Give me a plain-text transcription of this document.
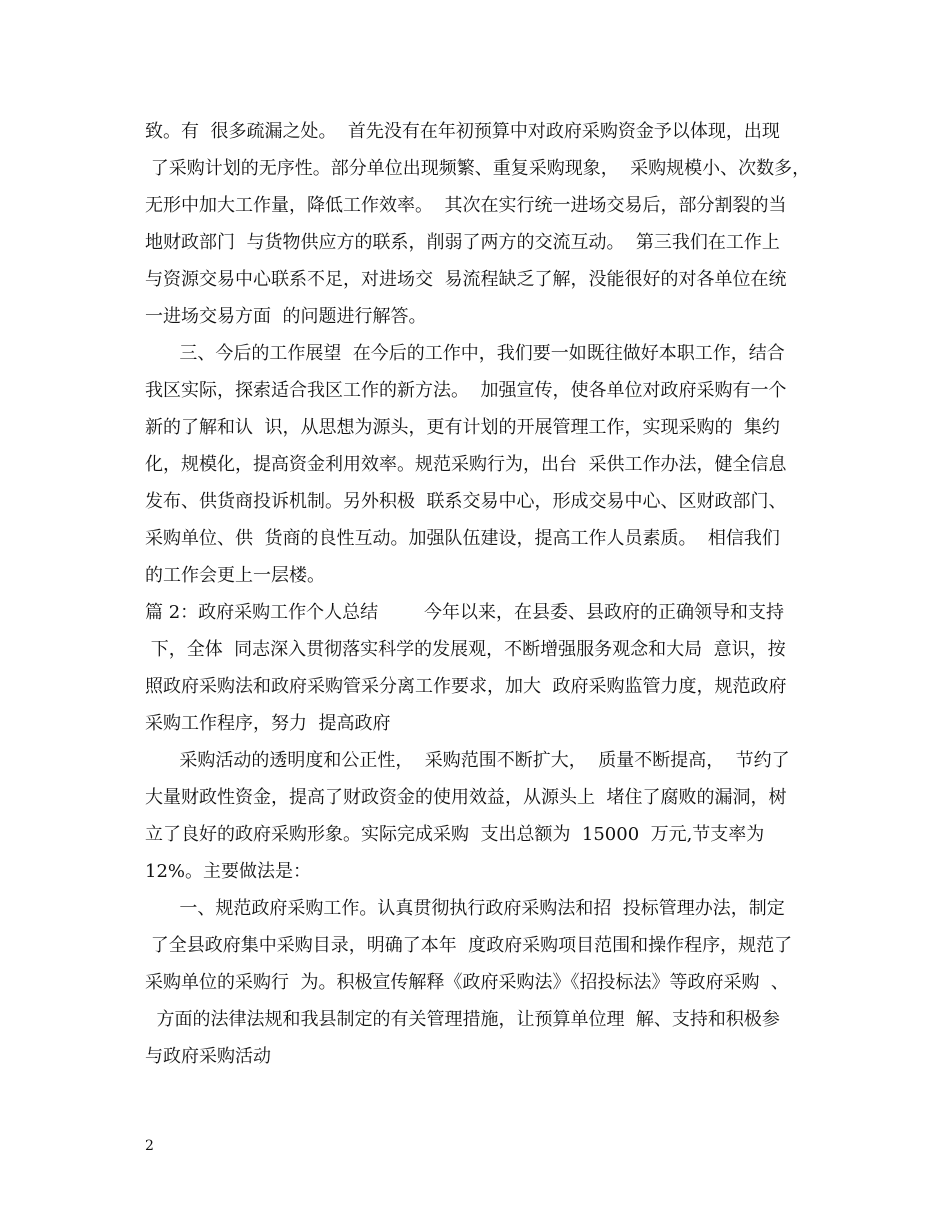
致。有  很多疏漏之处。  首先没有在年初预算中对政府采购资金予以体现，出现
了采购计划的无序性。部分单位出现频繁、重复采购现象，  采购规模小、次数多，
无形中加大工作量，降低工作效率。  其次在实行统一进场交易后，部分割裂的当
地财政部门  与货物供应方的联系，削弱了两方的交流互动。  第三我们在工作上
与资源交易中心联系不足，对进场交  易流程缺乏了解，没能很好的对各单位在统
一进场交易方面  的问题进行解答。
三、今后的工作展望  在今后的工作中，我们要一如既往做好本职工作，结合
我区实际，探索适合我区工作的新方法。  加强宣传，使各单位对政府采购有一个
新的了解和认  识，从思想为源头，更有计划的开展管理工作，实现采购的  集约
化，规模化，提高资金利用效率。规范采购行为，出台  采供工作办法，健全信息
发布、供货商投诉机制。另外积极  联系交易中心，形成交易中心、区财政部门、
采购单位、供  货商的良性互动。加强队伍建设，提高工作人员素质。  相信我们
的工作会更上一层楼。
篇 2：政府采购工作个人总结        今年以来，在县委、县政府的正确领导和支持
下，全体  同志深入贯彻落实科学的发展观，不断增强服务观念和大局  意识，按
照政府采购法和政府采购管采分离工作要求，加大  政府采购监管力度，规范政府
采购工作程序，努力  提高政府
采购活动的透明度和公正性，  采购范围不断扩大，  质量不断提高，  节约了
大量财政性资金，提高了财政资金的使用效益，从源头上  堵住了腐败的漏洞，树
立了良好的政府采购形象。实际完成采购  支出总额为  15000  万元,节支率为
12%。主要做法是：
一、规范政府采购工作。认真贯彻执行政府采购法和招  投标管理办法，制定
了全县政府集中采购目录，明确了本年  度政府采购项目范围和操作程序，规范了
采购单位的采购行  为。积极宣传解释《政府采购法》《招投标法》等政府采购  、
方面的法律法规和我县制定的有关管理措施，让预算单位理  解、支持和积极参
与政府采购活动
2
